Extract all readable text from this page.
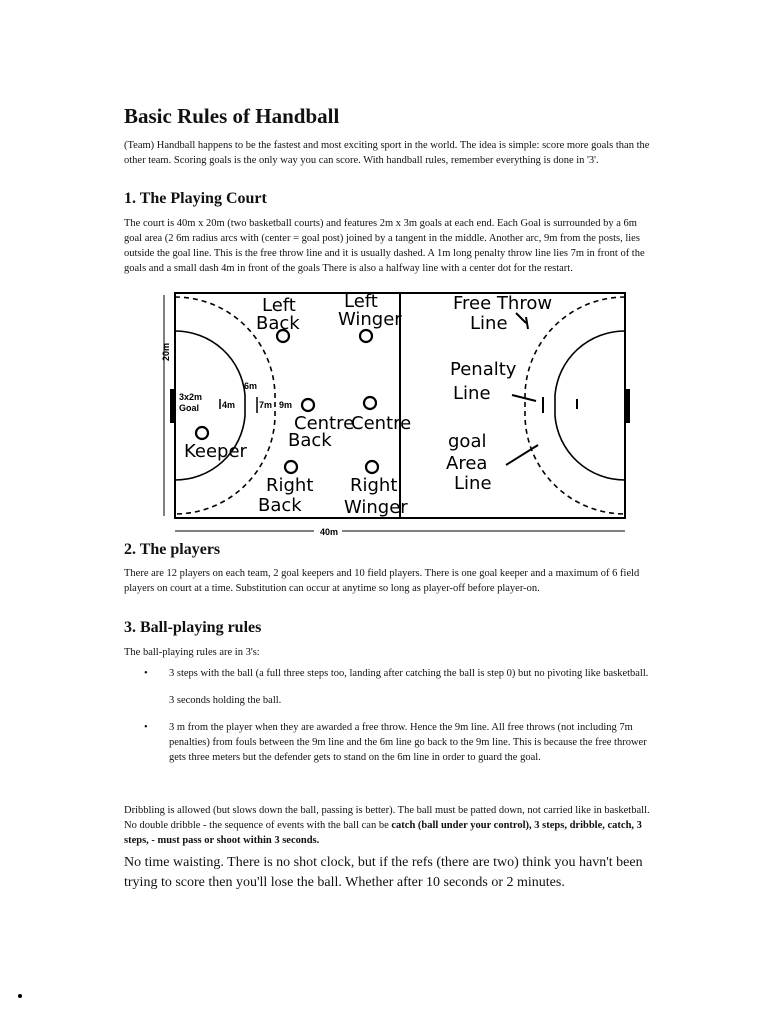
Basic Rules of Handball

(Team) Handball happens to be the fastest and most exciting sport in the world. The idea is simple: score more goals than the other team. Scoring goals is the only way you can score. With handball rules, remember everything is done in '3'.

1. The Playing Court

The court is 40m x 20m (two basketball courts) and features 2m x 3m goals at each end. Each Goal is surrounded by a 6m goal area (2 6m radius arcs with (center = goal post) joined by a tangent in the middle. Another arc, 9m from the posts, lies outside the goal line. This is the free throw line and it is usually dashed. A 1m long penalty throw line lies 7m in front of the goals and a small dash 4m in front of the goals There is also a halfway line with a center dot for the restart.

40m
20m
3x2m
Goal	4m
6m
7m 9m
Left
Back
Left
Winger
Free Throw
Line
Penalty
Line
Centre
Back
Centre
Keeper	goal
Area
Line
Right
Back
Right
Winger
2. The players

There are 12 players on each team, 2 goal keepers and 10 field players. There is one goal keeper and a maximum of 6 field players on court at a time. Substitution can occur at anytime so long as player-off before player-on.

3. Ball-playing rules

The ball-playing rules are in 3's:

• 3 steps with the ball (a full three steps too, landing after catching the ball is step 0) but no pivoting like basketball.
3 seconds holding the ball.
• 3 m from the player when they are awarded a free throw. Hence the 9m line. All free throws (not including 7m penalties) from fouls between the 9m line and the 6m line go back to the 9m line. This is because the free thrower gets three meters but the defender gets to stand on the 6m line in order to guard the goal.

Dribbling is allowed (but slows down the ball, passing is better). The ball must be patted down, not carried like in basketball. No double dribble - the sequence of events with the ball can be catch (ball under your control), 3 steps, dribble, catch, 3 steps, - must pass or shoot within 3 seconds.

No time waisting. There is no shot clock, but if the refs (there are two) think you havn't been trying to score then you'll lose the ball. Whether after 10 seconds or 2 minutes.
